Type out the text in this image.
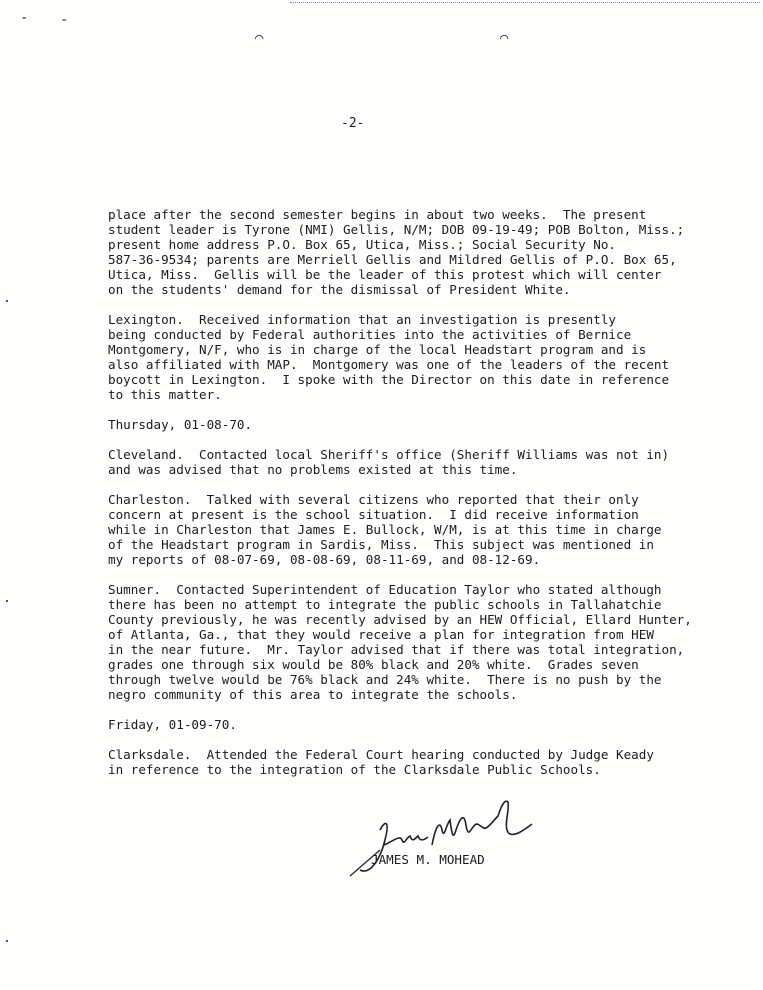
- -
⌒	⌒
-2-
place after the second semester begins in about two weeks.  The present
student leader is Tyrone (NMI) Gellis, N/M; DOB 09-19-49; POB Bolton, Miss.;
present home address P.O. Box 65, Utica, Miss.; Social Security No.
587-36-9534; parents are Merriell Gellis and Mildred Gellis of P.O. Box 65,
Utica, Miss.  Gellis will be the leader of this protest which will center
on the students' demand for the dismissal of President White.
Lexington.  Received information that an investigation is presently
being conducted by Federal authorities into the activities of Bernice
Montgomery, N/F, who is in charge of the local Headstart program and is
also affiliated with MAP.  Montgomery was one of the leaders of the recent
boycott in Lexington.  I spoke with the Director on this date in reference
to this matter.
Thursday, 01-08-70.
Cleveland.  Contacted local Sheriff's office (Sheriff Williams was not in)
and was advised that no problems existed at this time.
Charleston.  Talked with several citizens who reported that their only
concern at present is the school situation.  I did receive information
while in Charleston that James E. Bullock, W/M, is at this time in charge
of the Headstart program in Sardis, Miss.  This subject was mentioned in
my reports of 08-07-69, 08-08-69, 08-11-69, and 08-12-69.
Sumner.  Contacted Superintendent of Education Taylor who stated although
there has been no attempt to integrate the public schools in Tallahatchie
County previously, he was recently advised by an HEW Official, Ellard Hunter,
of Atlanta, Ga., that they would receive a plan for integration from HEW
in the near future.  Mr. Taylor advised that if there was total integration,
grades one through six would be 80% black and 20% white.  Grades seven
through twelve would be 76% black and 24% white.  There is no push by the
negro community of this area to integrate the schools.
Friday, 01-09-70.
Clarksdale.  Attended the Federal Court hearing conducted by Judge Keady
in reference to the integration of the Clarksdale Public Schools.
JAMES M. MOHEAD
